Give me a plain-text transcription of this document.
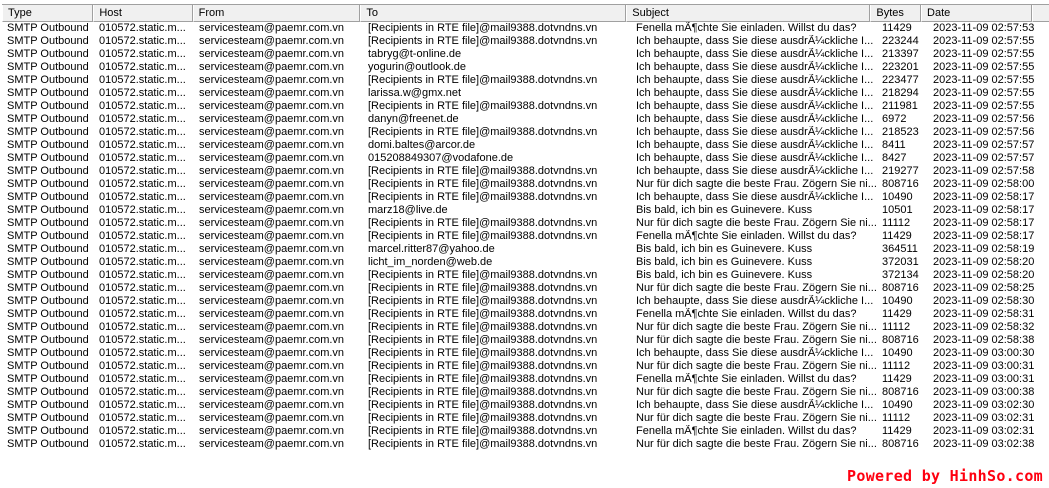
Type	Host	From	To	Subject	Bytes	Date
SMTP Outbound 010572.static.m...	servicesteam@paemr.com.vn	[Recipients in RTE file]@mail9388.dotvndns.vn	Fenella mÃ¶chte Sie einladen. Willst du das?	11429	2023-11-09 02:57:53
SMTP Outbound 010572.static.m...	servicesteam@paemr.com.vn	[Recipients in RTE file]@mail9388.dotvndns.vn	Ich behaupte, dass Sie diese ausdrÃ¼ckliche I... 223244	2023-11-09 02:57:55
SMTP Outbound 010572.static.m...	servicesteam@paemr.com.vn	tabryg@t-online.de	Ich behaupte, dass Sie diese ausdrÃ¼ckliche I... 213397	2023-11-09 02:57:55
SMTP Outbound 010572.static.m...	servicesteam@paemr.com.vn	yogurin@outlook.de	Ich behaupte, dass Sie diese ausdrÃ¼ckliche I... 223201	2023-11-09 02:57:55
SMTP Outbound 010572.static.m...	servicesteam@paemr.com.vn	[Recipients in RTE file]@mail9388.dotvndns.vn	Ich behaupte, dass Sie diese ausdrÃ¼ckliche I... 223477	2023-11-09 02:57:55
SMTP Outbound 010572.static.m...	servicesteam@paemr.com.vn	larissa.w@gmx.net	Ich behaupte, dass Sie diese ausdrÃ¼ckliche I... 218294	2023-11-09 02:57:55
SMTP Outbound 010572.static.m...	servicesteam@paemr.com.vn	[Recipients in RTE file]@mail9388.dotvndns.vn	Ich behaupte, dass Sie diese ausdrÃ¼ckliche I... 211981	2023-11-09 02:57:55
SMTP Outbound 010572.static.m...	servicesteam@paemr.com.vn	danyn@freenet.de	Ich behaupte, dass Sie diese ausdrÃ¼ckliche I... 6972	2023-11-09 02:57:56
SMTP Outbound 010572.static.m...	servicesteam@paemr.com.vn	[Recipients in RTE file]@mail9388.dotvndns.vn	Ich behaupte, dass Sie diese ausdrÃ¼ckliche I... 218523	2023-11-09 02:57:56
SMTP Outbound 010572.static.m...	servicesteam@paemr.com.vn	domi.baltes@arcor.de	Ich behaupte, dass Sie diese ausdrÃ¼ckliche I... 8411	2023-11-09 02:57:57
SMTP Outbound 010572.static.m...	servicesteam@paemr.com.vn	015208849307@vodafone.de	Ich behaupte, dass Sie diese ausdrÃ¼ckliche I... 8427	2023-11-09 02:57:57
SMTP Outbound 010572.static.m...	servicesteam@paemr.com.vn	[Recipients in RTE file]@mail9388.dotvndns.vn	Ich behaupte, dass Sie diese ausdrÃ¼ckliche I... 219277	2023-11-09 02:57:58
SMTP Outbound 010572.static.m...	servicesteam@paemr.com.vn	[Recipients in RTE file]@mail9388.dotvndns.vn	Nur für dich sagte die beste Frau. Zögern Sie ni... 808716	2023-11-09 02:58:00
SMTP Outbound 010572.static.m...	servicesteam@paemr.com.vn	[Recipients in RTE file]@mail9388.dotvndns.vn	Ich behaupte, dass Sie diese ausdrÃ¼ckliche I... 10490	2023-11-09 02:58:17
SMTP Outbound 010572.static.m...	servicesteam@paemr.com.vn	marz18@live.de	Bis bald, ich bin es Guinevere. Kuss	10501	2023-11-09 02:58:17
SMTP Outbound 010572.static.m...	servicesteam@paemr.com.vn	[Recipients in RTE file]@mail9388.dotvndns.vn	Nur für dich sagte die beste Frau. Zögern Sie ni... 11112	2023-11-09 02:58:17
SMTP Outbound 010572.static.m...	servicesteam@paemr.com.vn	[Recipients in RTE file]@mail9388.dotvndns.vn	Fenella mÃ¶chte Sie einladen. Willst du das?	11429	2023-11-09 02:58:17
SMTP Outbound 010572.static.m...	servicesteam@paemr.com.vn	marcel.ritter87@yahoo.de	Bis bald, ich bin es Guinevere. Kuss	364511	2023-11-09 02:58:19
SMTP Outbound 010572.static.m...	servicesteam@paemr.com.vn	licht_im_norden@web.de	Bis bald, ich bin es Guinevere. Kuss	372031	2023-11-09 02:58:20
SMTP Outbound 010572.static.m...	servicesteam@paemr.com.vn	[Recipients in RTE file]@mail9388.dotvndns.vn	Bis bald, ich bin es Guinevere. Kuss	372134	2023-11-09 02:58:20
SMTP Outbound 010572.static.m...	servicesteam@paemr.com.vn	[Recipients in RTE file]@mail9388.dotvndns.vn	Nur für dich sagte die beste Frau. Zögern Sie ni... 808716	2023-11-09 02:58:25
SMTP Outbound 010572.static.m...	servicesteam@paemr.com.vn	[Recipients in RTE file]@mail9388.dotvndns.vn	Ich behaupte, dass Sie diese ausdrÃ¼ckliche I... 10490	2023-11-09 02:58:30
SMTP Outbound 010572.static.m...	servicesteam@paemr.com.vn	[Recipients in RTE file]@mail9388.dotvndns.vn	Fenella mÃ¶chte Sie einladen. Willst du das?	11429	2023-11-09 02:58:31
SMTP Outbound 010572.static.m...	servicesteam@paemr.com.vn	[Recipients in RTE file]@mail9388.dotvndns.vn	Nur für dich sagte die beste Frau. Zögern Sie ni... 11112	2023-11-09 02:58:32
SMTP Outbound 010572.static.m...	servicesteam@paemr.com.vn	[Recipients in RTE file]@mail9388.dotvndns.vn	Nur für dich sagte die beste Frau. Zögern Sie ni... 808716	2023-11-09 02:58:38
SMTP Outbound 010572.static.m...	servicesteam@paemr.com.vn	[Recipients in RTE file]@mail9388.dotvndns.vn	Ich behaupte, dass Sie diese ausdrÃ¼ckliche I... 10490	2023-11-09 03:00:30
SMTP Outbound 010572.static.m...	servicesteam@paemr.com.vn	[Recipients in RTE file]@mail9388.dotvndns.vn	Nur für dich sagte die beste Frau. Zögern Sie ni... 11112	2023-11-09 03:00:31
SMTP Outbound 010572.static.m...	servicesteam@paemr.com.vn	[Recipients in RTE file]@mail9388.dotvndns.vn	Fenella mÃ¶chte Sie einladen. Willst du das?	11429	2023-11-09 03:00:31
SMTP Outbound 010572.static.m...	servicesteam@paemr.com.vn	[Recipients in RTE file]@mail9388.dotvndns.vn	Nur für dich sagte die beste Frau. Zögern Sie ni... 808716	2023-11-09 03:00:38
SMTP Outbound 010572.static.m...	servicesteam@paemr.com.vn	[Recipients in RTE file]@mail9388.dotvndns.vn	Ich behaupte, dass Sie diese ausdrÃ¼ckliche I... 10490	2023-11-09 03:02:30
SMTP Outbound 010572.static.m...	servicesteam@paemr.com.vn	[Recipients in RTE file]@mail9388.dotvndns.vn	Nur für dich sagte die beste Frau. Zögern Sie ni... 11112	2023-11-09 03:02:31
SMTP Outbound 010572.static.m...	servicesteam@paemr.com.vn	[Recipients in RTE file]@mail9388.dotvndns.vn	Fenella mÃ¶chte Sie einladen. Willst du das?	11429	2023-11-09 03:02:31
SMTP Outbound 010572.static.m...	servicesteam@paemr.com.vn	[Recipients in RTE file]@mail9388.dotvndns.vn	Nur für dich sagte die beste Frau. Zögern Sie ni... 808716	2023-11-09 03:02:38
Powered by HinhSo.com
